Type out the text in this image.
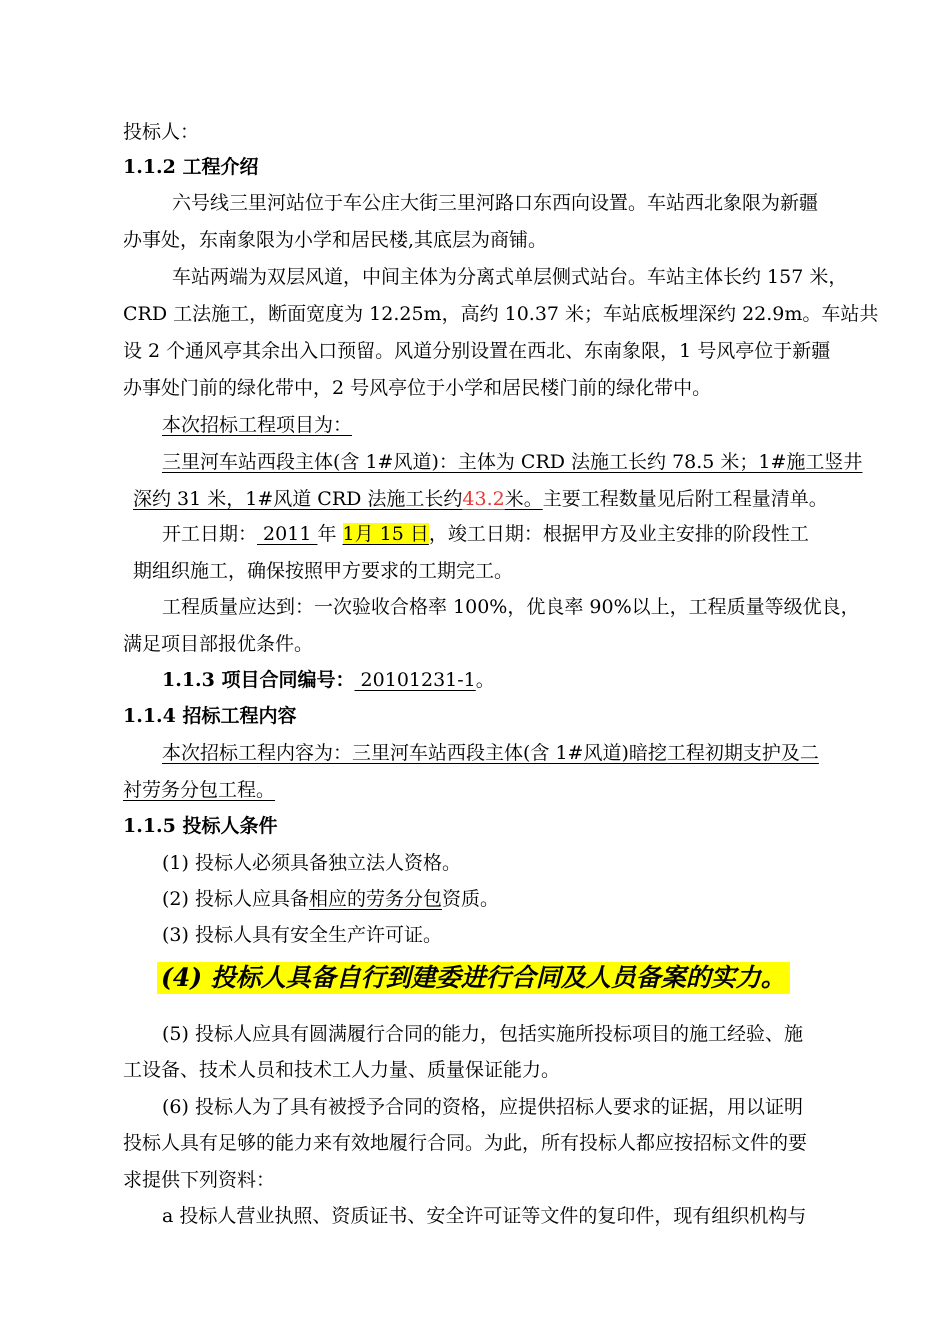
投标人：
1.1.2 工程介绍
六号线三里河站位于车公庄大街三里河路口东西向设置。车站西北象限为新疆
办事处，东南象限为小学和居民楼,其底层为商铺。
车站两端为双层风道，中间主体为分离式单层侧式站台。车站主体长约 157 米，
CRD 工法施工，断面宽度为 12.25m，高约 10.37 米；车站底板埋深约 22.9m。车站共
设 2 个通风亭其余出入口预留。风道分别设置在西北、东南象限，1 号风亭位于新疆
办事处门前的绿化带中，2 号风亭位于小学和居民楼门前的绿化带中。
本次招标工程项目为：
三里河车站西段主体(含 1#风道)：主体为 CRD 法施工长约 78.5 米；1#施工竖井
深约 31 米，1#风道 CRD 法施工长约43.2米。主要工程数量见后附工程量清单。
开工日期： 2011 年 1月 15 日，竣工日期：根据甲方及业主安排的阶段性工
期组织施工，确保按照甲方要求的工期完工。
工程质量应达到：一次验收合格率 100%，优良率 90%以上，工程质量等级优良，
满足项目部报优条件。
1.1.3 项目合同编号： 20101231-1。
1.1.4 招标工程内容
本次招标工程内容为：三里河车站西段主体(含 1#风道)暗挖工程初期支护及二
衬劳务分包工程。
1.1.5 投标人条件
(1) 投标人必须具备独立法人资格。
(2) 投标人应具备相应的劳务分包资质。
(3) 投标人具有安全生产许可证。
(4) 投标人具备自行到建委进行合同及人员备案的实力。
(5) 投标人应具有圆满履行合同的能力，包括实施所投标项目的施工经验、施
工设备、技术人员和技术工人力量、质量保证能力。
(6) 投标人为了具有被授予合同的资格，应提供招标人要求的证据，用以证明
投标人具有足够的能力来有效地履行合同。为此，所有投标人都应按招标文件的要
求提供下列资料：
a 投标人营业执照、资质证书、安全许可证等文件的复印件，现有组织机构与
